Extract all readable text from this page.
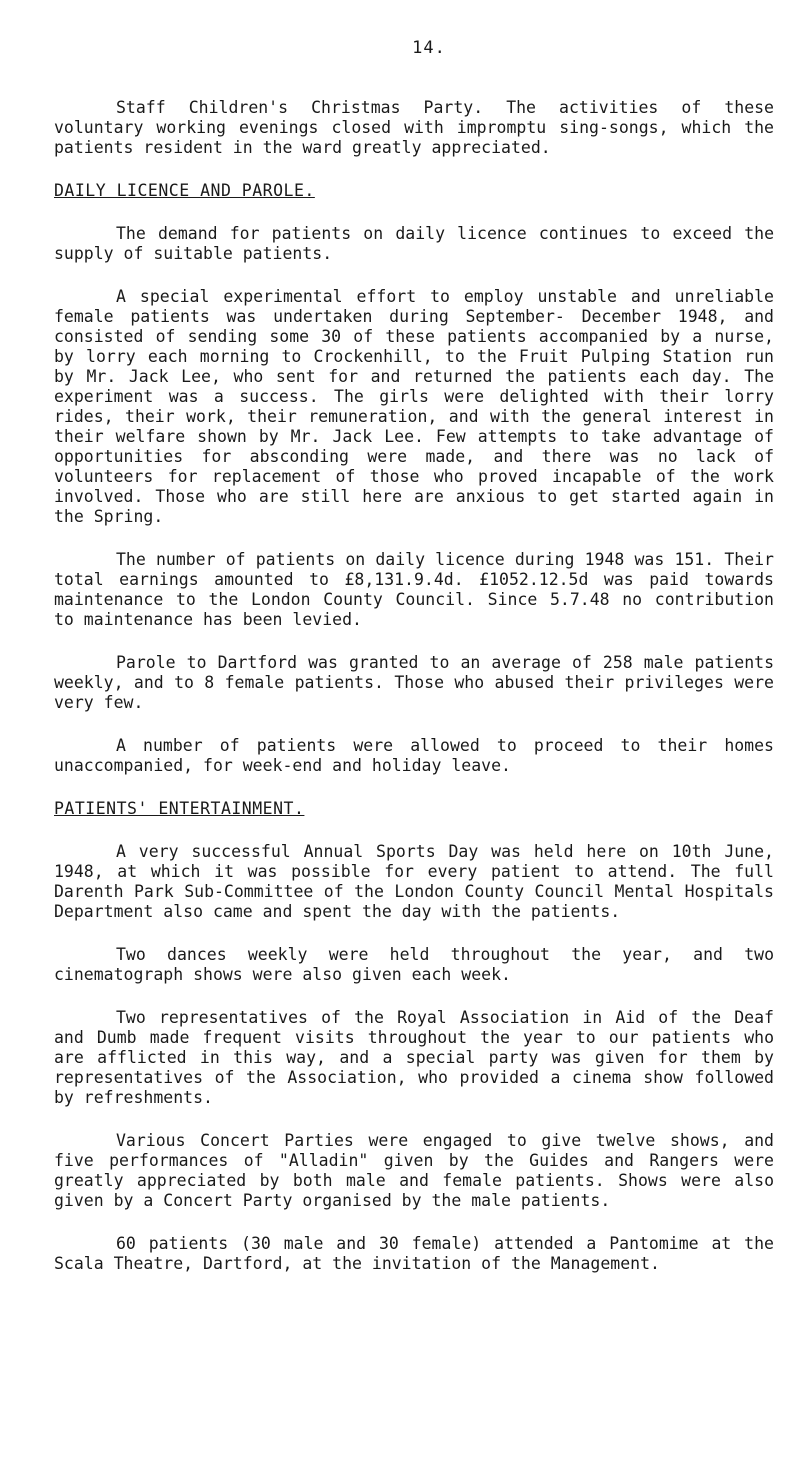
14.

Staff Children's Christmas Party. The activities of these voluntary working evenings closed with impromptu sing-songs, which the patients resident in the ward greatly appreciated.

DAILY LICENCE AND PAROLE.

The demand for patients on daily licence continues to exceed the supply of suitable patients.

A special experimental effort to employ unstable and unreliable female patients was undertaken during September- December 1948, and consisted of sending some 30 of these patients accompanied by a nurse, by lorry each morning to Crockenhill, to the Fruit Pulping Station run by Mr. Jack Lee, who sent for and returned the patients each day. The experiment was a success. The girls were delighted with their lorry rides, their work, their remuneration, and with the general interest in their welfare shown by Mr. Jack Lee. Few attempts to take advantage of opportunities for absconding were made, and there was no lack of volunteers for replacement of those who proved incapable of the work involved. Those who are still here are anxious to get started again in the Spring.

The number of patients on daily licence during 1948 was 151. Their total earnings amounted to £8,131.9.4d. £1052.12.5d was paid towards maintenance to the London County Council. Since 5.7.48 no contribution to maintenance has been levied.

Parole to Dartford was granted to an average of 258 male patients weekly, and to 8 female patients. Those who abused their privileges were very few.

A number of patients were allowed to proceed to their homes unaccompanied, for week-end and holiday leave.

PATIENTS' ENTERTAINMENT.

A very successful Annual Sports Day was held here on 10th June, 1948, at which it was possible for every patient to attend. The full Darenth Park Sub-Committee of the London County Council Mental Hospitals Department also came and spent the day with the patients.

Two dances weekly were held throughout the year, and two cinematograph shows were also given each week.

Two representatives of the Royal Association in Aid of the Deaf and Dumb made frequent visits throughout the year to our patients who are afflicted in this way, and a special party was given for them by representatives of the Association, who provided a cinema show followed by refreshments.

Various Concert Parties were engaged to give twelve shows, and five performances of "Alladin" given by the Guides and Rangers were greatly appreciated by both male and female patients. Shows were also given by a Concert Party organised by the male patients.

60 patients (30 male and 30 female) attended a Pantomime at the Scala Theatre, Dartford, at the invitation of the Management.
